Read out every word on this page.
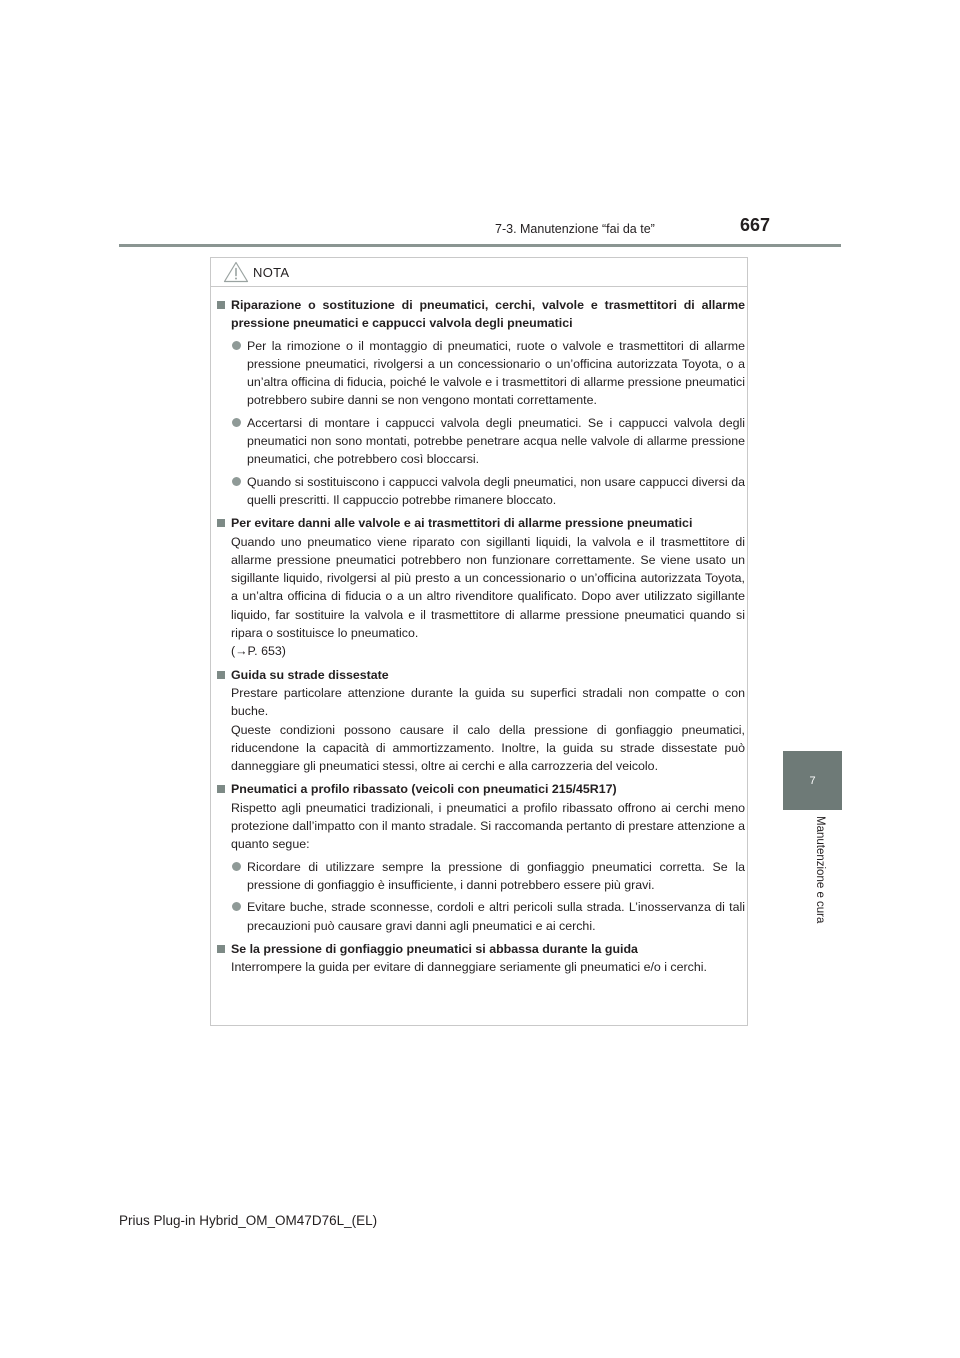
7-3. Manutenzione “fai da te”	667
7
Manutenzione e cura
NOTA
Riparazione o sostituzione di pneumatici, cerchi, valvole e trasmettitori di allarme pressione pneumatici e cappucci valvola degli pneumatici
Per la rimozione o il montaggio di pneumatici, ruote o valvole e trasmettitori di allarme pressione pneumatici, rivolgersi a un concessionario o un’officina autorizzata Toyota, o a un’altra officina di fiducia, poiché le valvole e i trasmettitori di allarme pressione pneumatici potrebbero subire danni se non vengono montati correttamente.
Accertarsi di montare i cappucci valvola degli pneumatici. Se i cappucci valvola degli pneumatici non sono montati, potrebbe penetrare acqua nelle valvole di allarme pressione pneumatici, che potrebbero così bloccarsi.
Quando si sostituiscono i cappucci valvola degli pneumatici, non usare cappucci diversi da quelli prescritti. Il cappuccio potrebbe rimanere bloccato.
Per evitare danni alle valvole e ai trasmettitori di allarme pressione pneumatici
Quando uno pneumatico viene riparato con sigillanti liquidi, la valvola e il trasmettitore di allarme pressione pneumatici potrebbero non funzionare correttamente. Se viene usato un sigillante liquido, rivolgersi al più presto a un concessionario o un’officina autorizzata Toyota, a un’altra officina di fiducia o a un altro rivenditore qualificato. Dopo aver utilizzato sigillante liquido, far sostituire la valvola e il trasmettitore di allarme pressione pneumatici quando si ripara o sostituisce lo pneumatico.
(→P. 653)
Guida su strade dissestate
Prestare particolare attenzione durante la guida su superfici stradali non compatte o con buche.
Queste condizioni possono causare il calo della pressione di gonfiaggio pneumatici, riducendone la capacità di ammortizzamento. Inoltre, la guida su strade dissestate può danneggiare gli pneumatici stessi, oltre ai cerchi e alla carrozzeria del veicolo.
Pneumatici a profilo ribassato (veicoli con pneumatici 215/45R17)
Rispetto agli pneumatici tradizionali, i pneumatici a profilo ribassato offrono ai cerchi meno protezione dall’impatto con il manto stradale. Si raccomanda pertanto di prestare attenzione a quanto segue:
Ricordare di utilizzare sempre la pressione di gonfiaggio pneumatici corretta. Se la pressione di gonfiaggio è insufficiente, i danni potrebbero essere più gravi.
Evitare buche, strade sconnesse, cordoli e altri pericoli sulla strada. L’inosservanza di tali precauzioni può causare gravi danni agli pneumatici e ai cerchi.
Se la pressione di gonfiaggio pneumatici si abbassa durante la guida
Interrompere la guida per evitare di danneggiare seriamente gli pneumatici e/o i cerchi.
Prius Plug-in Hybrid_OM_OM47D76L_(EL)
